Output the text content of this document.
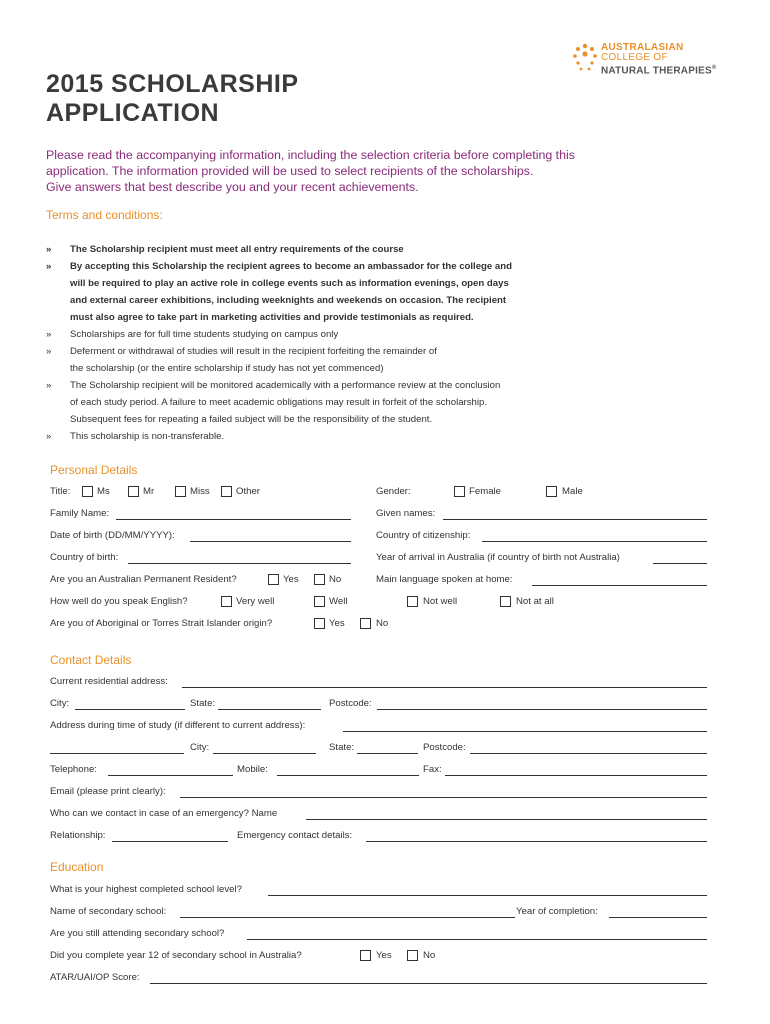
AUSTRALASIAN
COLLEGE OF
NATURAL THERAPIES®
2015 SCHOLARSHIP
APPLICATION
Please read the accompanying information, including the selection criteria before completing this
application. The information provided will be used to select recipients of the scholarships.
Give answers that best describe you and your recent achievements.
Terms and conditions:
» The Scholarship recipient must meet all entry requirements of the course
» By accepting this Scholarship the recipient agrees to become an ambassador for the college and
will be required to play an active role in college events such as information evenings, open days
and external career exhibitions, including weeknights and weekends on occasion. The recipient
must also agree to take part in marketing activities and provide testimonials as required.
» Scholarships are for full time students studying on campus only
» Deferment or withdrawal of studies will result in the recipient forfeiting the remainder of
the scholarship (or the entire scholarship if study has not yet commenced)
» The Scholarship recipient will be monitored academically with a performance review at the conclusion
of each study period. A failure to meet academic obligations may result in forfeit of the scholarship.
Subsequent fees for repeating a failed subject will be the responsibility of the student.
» This scholarship is non-transferable.
Personal Details
Title:	Ms	Mr	Miss	Other	Gender:	Female	Male
Family Name:	Given names:
Date of birth (DD/MM/YYYY):	Country of citizenship:
Country of birth:	Year of arrival in Australia (if country of birth not Australia)
Are you an Australian Permanent Resident?	Yes	No	Main language spoken at home:
How well do you speak English?	Very well	Well	Not well	Not at all
Are you of Aboriginal or Torres Strait Islander origin?	Yes	No
Contact Details
Current residential address:
City:	State:	Postcode:
Address during time of study (if different to current address):
City:	State:	Postcode:
Telephone:	Mobile:	Fax:
Email (please print clearly):
Who can we contact in case of an emergency? Name
Relationship:	Emergency contact details:
Education
What is your highest completed school level?
Name of secondary school:	Year of completion:
Are you still attending secondary school?
Did you complete year 12 of secondary school in Australia?	Yes	No
ATAR/UAI/OP Score:
